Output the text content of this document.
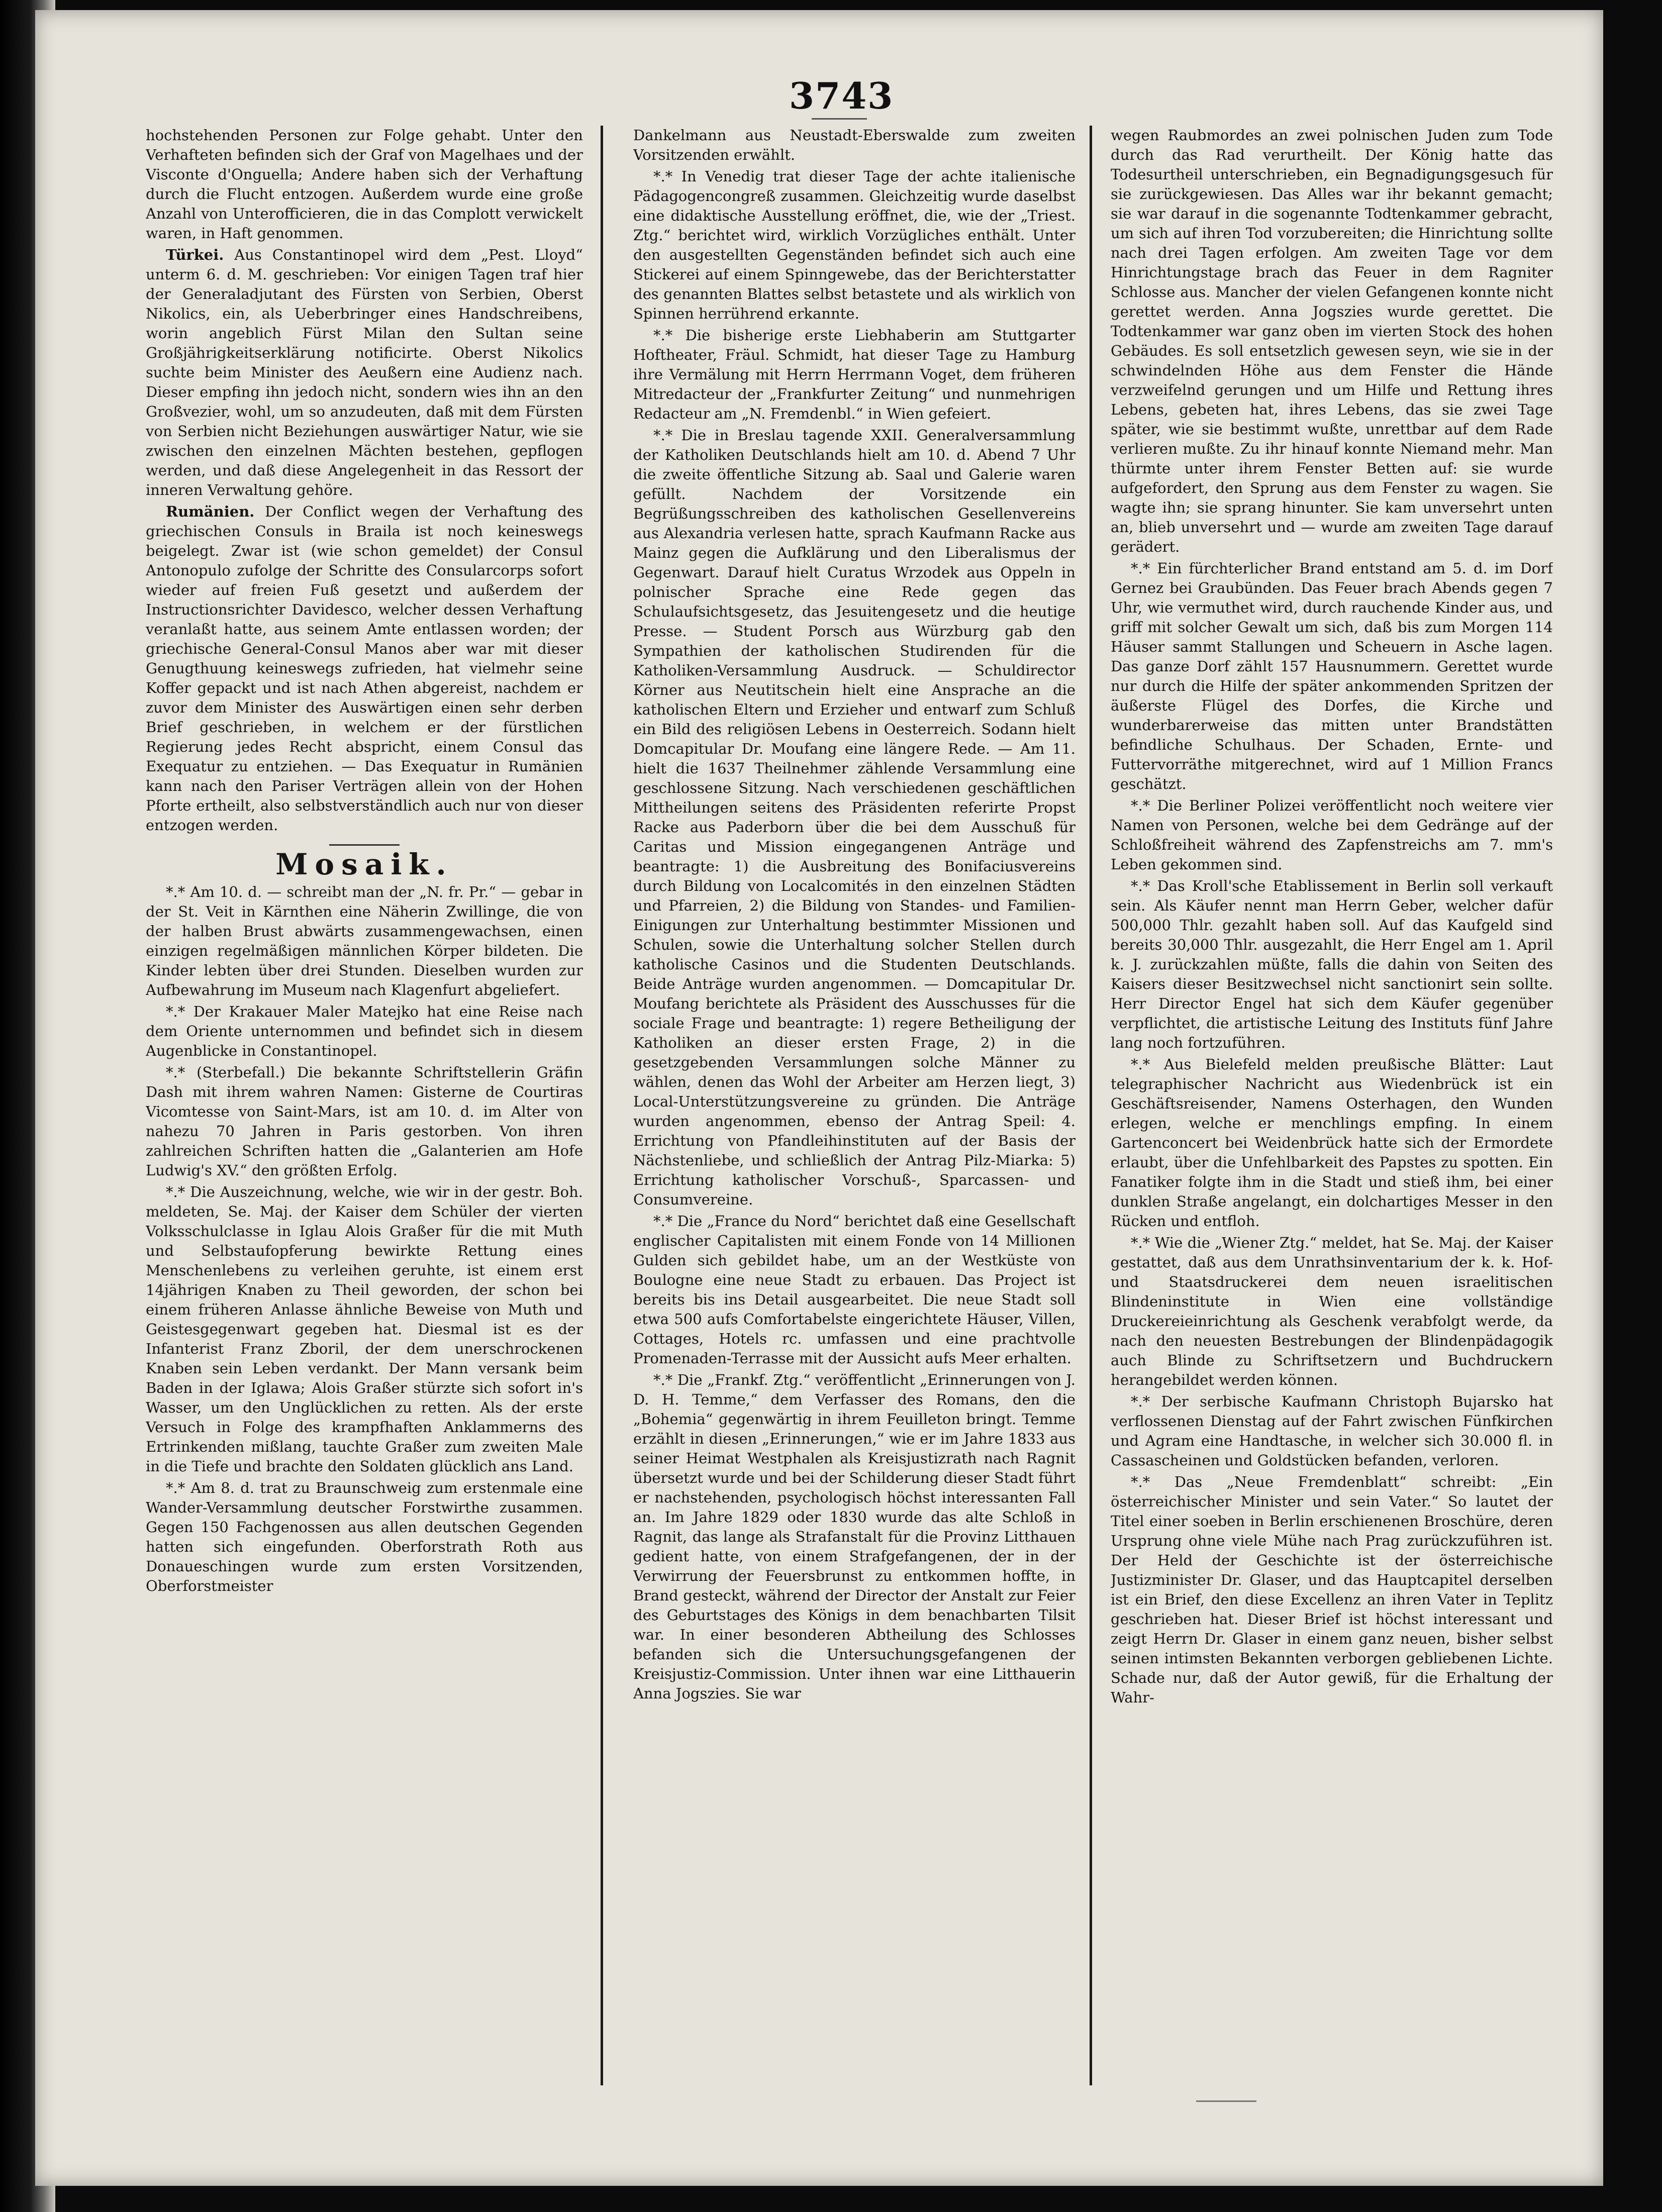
3743

hochstehenden Personen zur Folge gehabt. Unter den Verhafteten befinden sich der Graf von Magelhaes und der Visconte d'Onguella; Andere haben sich der Verhaftung durch die Flucht entzogen. Außerdem wurde eine große Anzahl von Unterofficieren, die in das Complott verwickelt waren, in Haft genommen.

Türkei. Aus Constantinopel wird dem „Pest. Lloyd“ unterm 6. d. M. geschrieben: Vor einigen Tagen traf hier der Generaladjutant des Fürsten von Serbien, Oberst Nikolics, ein, als Ueberbringer eines Handschreibens, worin angeblich Fürst Milan den Sultan seine Großjährigkeitserklärung notificirte. Oberst Nikolics suchte beim Minister des Aeußern eine Audienz nach. Dieser empfing ihn jedoch nicht, sondern wies ihn an den Großvezier, wohl, um so anzudeuten, daß mit dem Fürsten von Serbien nicht Beziehungen auswärtiger Natur, wie sie zwischen den einzelnen Mächten bestehen, gepflogen werden, und daß diese Angelegenheit in das Ressort der inneren Verwaltung gehöre.

Rumänien. Der Conflict wegen der Verhaftung des griechischen Consuls in Braila ist noch keineswegs beigelegt. Zwar ist (wie schon gemeldet) der Consul Antonopulo zufolge der Schritte des Consularcorps sofort wieder auf freien Fuß gesetzt und außerdem der Instructionsrichter Davidesco, welcher dessen Verhaftung veranlaßt hatte, aus seinem Amte entlassen worden; der griechische General-Consul Manos aber war mit dieser Genugthuung keineswegs zufrieden, hat vielmehr seine Koffer gepackt und ist nach Athen abgereist, nachdem er zuvor dem Minister des Auswärtigen einen sehr derben Brief geschrieben, in welchem er der fürstlichen Regierung jedes Recht abspricht, einem Consul das Exequatur zu entziehen. — Das Exequatur in Rumänien kann nach den Pariser Verträgen allein von der Hohen Pforte ertheilt, also selbstverständlich auch nur von dieser entzogen werden.

Mosaik.

*.* Am 10. d. — schreibt man der „N. fr. Pr.“ — gebar in der St. Veit in Kärnthen eine Näherin Zwillinge, die von der halben Brust abwärts zusammengewachsen, einen einzigen regelmäßigen männlichen Körper bildeten. Die Kinder lebten über drei Stunden. Dieselben wurden zur Aufbewahrung im Museum nach Klagenfurt abgeliefert.

*.* Der Krakauer Maler Matejko hat eine Reise nach dem Oriente unternommen und befindet sich in diesem Augenblicke in Constantinopel.

*.* (Sterbefall.) Die bekannte Schriftstellerin Gräfin Dash mit ihrem wahren Namen: Gisterne de Courtiras Vicomtesse von Saint-Mars, ist am 10. d. im Alter von nahezu 70 Jahren in Paris gestorben. Von ihren zahlreichen Schriften hatten die „Galanterien am Hofe Ludwig's XV.“ den größten Erfolg.

*.* Die Auszeichnung, welche, wie wir in der gestr. Boh. meldeten, Se. Maj. der Kaiser dem Schüler der vierten Volksschulclasse in Iglau Alois Graßer für die mit Muth und Selbstaufopferung bewirkte Rettung eines Menschenlebens zu verleihen geruhte, ist einem erst 14jährigen Knaben zu Theil geworden, der schon bei einem früheren Anlasse ähnliche Beweise von Muth und Geistesgegenwart gegeben hat. Diesmal ist es der Infanterist Franz Zboril, der dem unerschrockenen Knaben sein Leben verdankt. Der Mann versank beim Baden in der Iglawa; Alois Graßer stürzte sich sofort in's Wasser, um den Unglücklichen zu retten. Als der erste Versuch in Folge des krampfhaften Anklammerns des Ertrinkenden mißlang, tauchte Graßer zum zweiten Male in die Tiefe und brachte den Soldaten glücklich ans Land.

*.* Am 8. d. trat zu Braunschweig zum erstenmale eine Wander-Versammlung deutscher Forstwirthe zusammen. Gegen 150 Fachgenossen aus allen deutschen Gegenden hatten sich eingefunden. Oberforstrath Roth aus Donaueschingen wurde zum ersten Vorsitzenden, Oberforstmeister

Dankelmann aus Neustadt-Eberswalde zum zweiten Vorsitzenden erwählt.

*.* In Venedig trat dieser Tage der achte italienische Pädagogencongreß zusammen. Gleichzeitig wurde daselbst eine didaktische Ausstellung eröffnet, die, wie der „Triest. Ztg.“ berichtet wird, wirklich Vorzügliches enthält. Unter den ausgestellten Gegenständen befindet sich auch eine Stickerei auf einem Spinngewebe, das der Berichterstatter des genannten Blattes selbst betastete und als wirklich von Spinnen herrührend erkannte.

*.* Die bisherige erste Liebhaberin am Stuttgarter Hoftheater, Fräul. Schmidt, hat dieser Tage zu Hamburg ihre Vermälung mit Herrn Herrmann Voget, dem früheren Mitredacteur der „Frankfurter Zeitung“ und nunmehrigen Redacteur am „N. Fremdenbl.“ in Wien gefeiert.

*.* Die in Breslau tagende XXII. Generalversammlung der Katholiken Deutschlands hielt am 10. d. Abend 7 Uhr die zweite öffentliche Sitzung ab. Saal und Galerie waren gefüllt. Nachdem der Vorsitzende ein Begrüßungsschreiben des katholischen Gesellenvereins aus Alexandria verlesen hatte, sprach Kaufmann Racke aus Mainz gegen die Aufklärung und den Liberalismus der Gegenwart. Darauf hielt Curatus Wrzodek aus Oppeln in polnischer Sprache eine Rede gegen das Schulaufsichtsgesetz, das Jesuitengesetz und die heutige Presse. — Student Porsch aus Würzburg gab den Sympathien der katholischen Studirenden für die Katholiken-Versammlung Ausdruck. — Schuldirector Körner aus Neutitschein hielt eine Ansprache an die katholischen Eltern und Erzieher und entwarf zum Schluß ein Bild des religiösen Lebens in Oesterreich. Sodann hielt Domcapitular Dr. Moufang eine längere Rede. — Am 11. hielt die 1637 Theilnehmer zählende Versammlung eine geschlossene Sitzung. Nach verschiedenen geschäftlichen Mittheilungen seitens des Präsidenten referirte Propst Racke aus Paderborn über die bei dem Ausschuß für Caritas und Mission eingegangenen Anträge und beantragte: 1) die Ausbreitung des Bonifaciusvereins durch Bildung von Localcomités in den einzelnen Städten und Pfarreien, 2) die Bildung von Standes- und Familien-Einigungen zur Unterhaltung bestimmter Missionen und Schulen, sowie die Unterhaltung solcher Stellen durch katholische Casinos und die Studenten Deutschlands. Beide Anträge wurden angenommen. — Domcapitular Dr. Moufang berichtete als Präsident des Ausschusses für die sociale Frage und beantragte: 1) regere Betheiligung der Katholiken an dieser ersten Frage, 2) in die gesetzgebenden Versammlungen solche Männer zu wählen, denen das Wohl der Arbeiter am Herzen liegt, 3) Local-Unterstützungsvereine zu gründen. Die Anträge wurden angenommen, ebenso der Antrag Speil: 4. Errichtung von Pfandleihinstituten auf der Basis der Nächstenliebe, und schließlich der Antrag Pilz-Miarka: 5) Errichtung katholischer Vorschuß-, Sparcassen- und Consumvereine.

*.* Die „France du Nord“ berichtet daß eine Gesellschaft englischer Capitalisten mit einem Fonde von 14 Millionen Gulden sich gebildet habe, um an der Westküste von Boulogne eine neue Stadt zu erbauen. Das Project ist bereits bis ins Detail ausgearbeitet. Die neue Stadt soll etwa 500 aufs Comfortabelste eingerichtete Häuser, Villen, Cottages, Hotels rc. umfassen und eine prachtvolle Promenaden-Terrasse mit der Aussicht aufs Meer erhalten.

*.* Die „Frankf. Ztg.“ veröffentlicht „Erinnerungen von J. D. H. Temme,“ dem Verfasser des Romans, den die „Bohemia“ gegenwärtig in ihrem Feuilleton bringt. Temme erzählt in diesen „Erinnerungen,“ wie er im Jahre 1833 aus seiner Heimat Westphalen als Kreisjustizrath nach Ragnit übersetzt wurde und bei der Schilderung dieser Stadt führt er nachstehenden, psychologisch höchst interessanten Fall an. Im Jahre 1829 oder 1830 wurde das alte Schloß in Ragnit, das lange als Strafanstalt für die Provinz Litthauen gedient hatte, von einem Strafgefangenen, der in der Verwirrung der Feuersbrunst zu entkommen hoffte, in Brand gesteckt, während der Director der Anstalt zur Feier des Geburtstages des Königs in dem benachbarten Tilsit war. In einer besonderen Abtheilung des Schlosses befanden sich die Untersuchungsgefangenen der Kreisjustiz-Commission. Unter ihnen war eine Litthauerin Anna Jogszies. Sie war

wegen Raubmordes an zwei polnischen Juden zum Tode durch das Rad verurtheilt. Der König hatte das Todesurtheil unterschrieben, ein Begnadigungsgesuch für sie zurückgewiesen. Das Alles war ihr bekannt gemacht; sie war darauf in die sogenannte Todtenkammer gebracht, um sich auf ihren Tod vorzubereiten; die Hinrichtung sollte nach drei Tagen erfolgen. Am zweiten Tage vor dem Hinrichtungstage brach das Feuer in dem Ragniter Schlosse aus. Mancher der vielen Gefangenen konnte nicht gerettet werden. Anna Jogszies wurde gerettet. Die Todtenkammer war ganz oben im vierten Stock des hohen Gebäudes. Es soll entsetzlich gewesen seyn, wie sie in der schwindelnden Höhe aus dem Fenster die Hände verzweifelnd gerungen und um Hilfe und Rettung ihres Lebens, gebeten hat, ihres Lebens, das sie zwei Tage später, wie sie bestimmt wußte, unrettbar auf dem Rade verlieren mußte. Zu ihr hinauf konnte Niemand mehr. Man thürmte unter ihrem Fenster Betten auf: sie wurde aufgefordert, den Sprung aus dem Fenster zu wagen. Sie wagte ihn; sie sprang hinunter. Sie kam unversehrt unten an, blieb unversehrt und — wurde am zweiten Tage darauf gerädert.

*.* Ein fürchterlicher Brand entstand am 5. d. im Dorf Gernez bei Graubünden. Das Feuer brach Abends gegen 7 Uhr, wie vermuthet wird, durch rauchende Kinder aus, und griff mit solcher Gewalt um sich, daß bis zum Morgen 114 Häuser sammt Stallungen und Scheuern in Asche lagen. Das ganze Dorf zählt 157 Hausnummern. Gerettet wurde nur durch die Hilfe der später ankommenden Spritzen der äußerste Flügel des Dorfes, die Kirche und wunderbarerweise das mitten unter Brandstätten befindliche Schulhaus. Der Schaden, Ernte- und Futtervorräthe mitgerechnet, wird auf 1 Million Francs geschätzt.

*.* Die Berliner Polizei veröffentlicht noch weitere vier Namen von Personen, welche bei dem Gedränge auf der Schloßfreiheit während des Zapfenstreichs am 7. mm's Leben gekommen sind.

*.* Das Kroll'sche Etablissement in Berlin soll verkauft sein. Als Käufer nennt man Herrn Geber, welcher dafür 500,000 Thlr. gezahlt haben soll. Auf das Kaufgeld sind bereits 30,000 Thlr. ausgezahlt, die Herr Engel am 1. April k. J. zurückzahlen müßte, falls die dahin von Seiten des Kaisers dieser Besitzwechsel nicht sanctionirt sein sollte. Herr Director Engel hat sich dem Käufer gegenüber verpflichtet, die artistische Leitung des Instituts fünf Jahre lang noch fortzuführen.

*.* Aus Bielefeld melden preußische Blätter: Laut telegraphischer Nachricht aus Wiedenbrück ist ein Geschäftsreisender, Namens Osterhagen, den Wunden erlegen, welche er menchlings empfing. In einem Gartenconcert bei Weidenbrück hatte sich der Ermordete erlaubt, über die Unfehlbarkeit des Papstes zu spotten. Ein Fanatiker folgte ihm in die Stadt und stieß ihm, bei einer dunklen Straße angelangt, ein dolchartiges Messer in den Rücken und entfloh.

*.* Wie die „Wiener Ztg.“ meldet, hat Se. Maj. der Kaiser gestattet, daß aus dem Unrathsinventarium der k. k. Hof- und Staatsdruckerei dem neuen israelitischen Blindeninstitute in Wien eine vollständige Druckereieinrichtung als Geschenk verabfolgt werde, da nach den neuesten Bestrebungen der Blindenpädagogik auch Blinde zu Schriftsetzern und Buchdruckern herangebildet werden können.

*.* Der serbische Kaufmann Christoph Bujarsko hat verflossenen Dienstag auf der Fahrt zwischen Fünfkirchen und Agram eine Handtasche, in welcher sich 30.000 fl. in Cassascheinen und Goldstücken befanden, verloren.

*.* Das „Neue Fremdenblatt“ schreibt: „Ein österreichischer Minister und sein Vater.“ So lautet der Titel einer soeben in Berlin erschienenen Broschüre, deren Ursprung ohne viele Mühe nach Prag zurückzuführen ist. Der Held der Geschichte ist der österreichische Justizminister Dr. Glaser, und das Hauptcapitel derselben ist ein Brief, den diese Excellenz an ihren Vater in Teplitz geschrieben hat. Dieser Brief ist höchst interessant und zeigt Herrn Dr. Glaser in einem ganz neuen, bisher selbst seinen intimsten Bekannten verborgen gebliebenen Lichte. Schade nur, daß der Autor gewiß, für die Erhaltung der Wahr-
